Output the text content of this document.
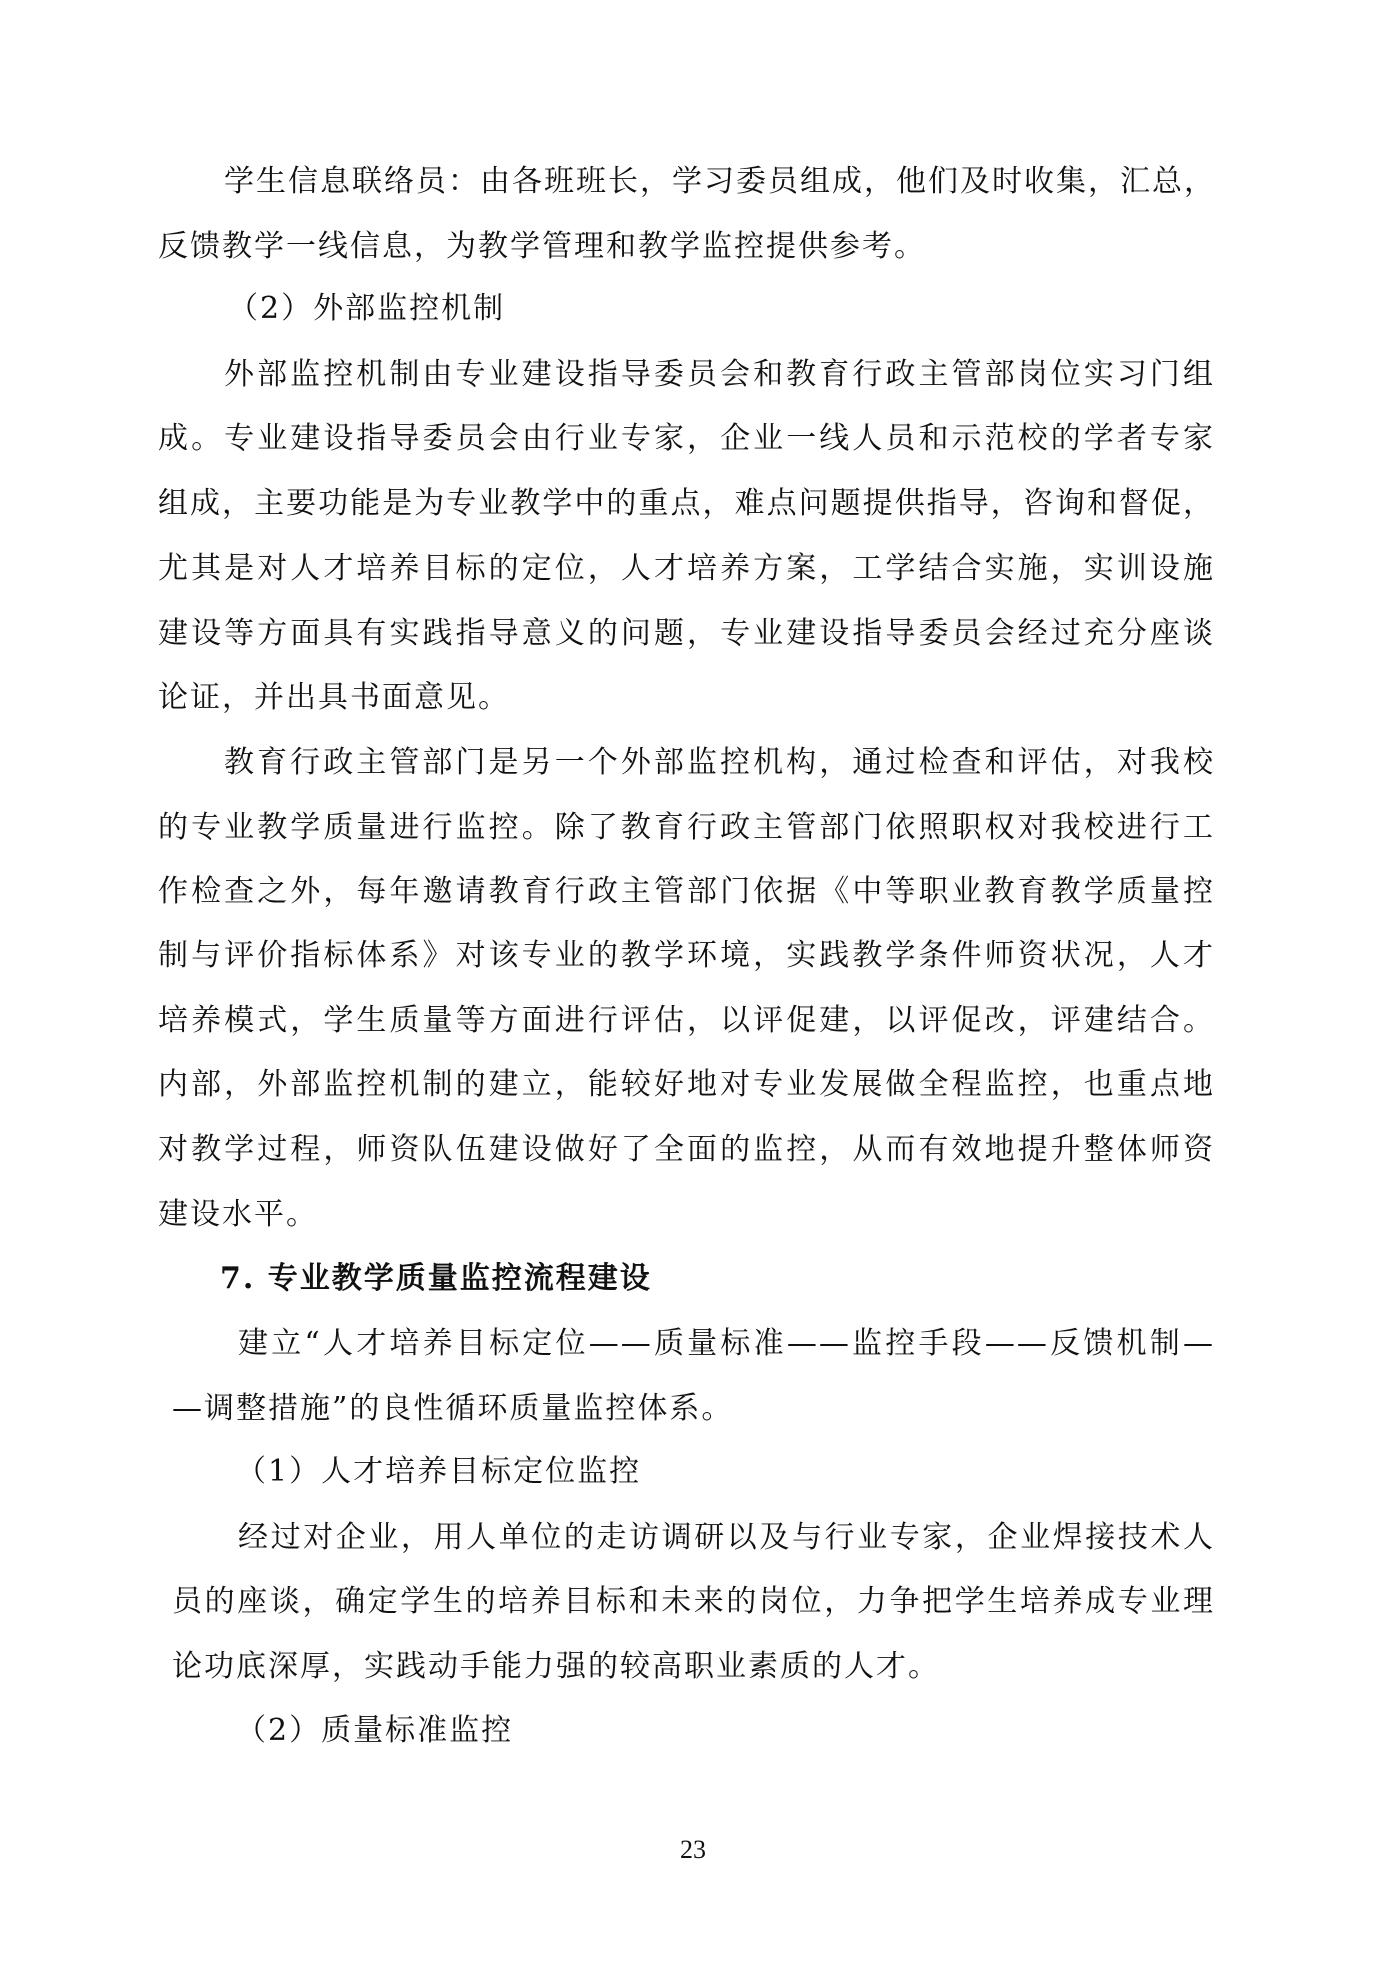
学生信息联络员：由各班班长，学习委员组成，他们及时收集，汇总，
反馈教学一线信息，为教学管理和教学监控提供参考。
（2）外部监控机制
外部监控机制由专业建设指导委员会和教育行政主管部岗位实习门组
成。专业建设指导委员会由行业专家，企业一线人员和示范校的学者专家
组成，主要功能是为专业教学中的重点，难点问题提供指导，咨询和督促，
尤其是对人才培养目标的定位，人才培养方案，工学结合实施，实训设施
建设等方面具有实践指导意义的问题，专业建设指导委员会经过充分座谈
论证，并出具书面意见。
教育行政主管部门是另一个外部监控机构，通过检查和评估，对我校
的专业教学质量进行监控。除了教育行政主管部门依照职权对我校进行工
作检查之外，每年邀请教育行政主管部门依据《中等职业教育教学质量控
制与评价指标体系》对该专业的教学环境，实践教学条件师资状况，人才
培养模式，学生质量等方面进行评估，以评促建，以评促改，评建结合。
内部，外部监控机制的建立，能较好地对专业发展做全程监控，也重点地
对教学过程，师资队伍建设做好了全面的监控，从而有效地提升整体师资
建设水平。
7. 专业教学质量监控流程建设
建立“人才培养目标定位——质量标准——监控手段——反馈机制—
—调整措施”的良性循环质量监控体系。
（1）人才培养目标定位监控
经过对企业，用人单位的走访调研以及与行业专家，企业焊接技术人
员的座谈，确定学生的培养目标和未来的岗位，力争把学生培养成专业理
论功底深厚，实践动手能力强的较高职业素质的人才。
（2）质量标准监控
23
